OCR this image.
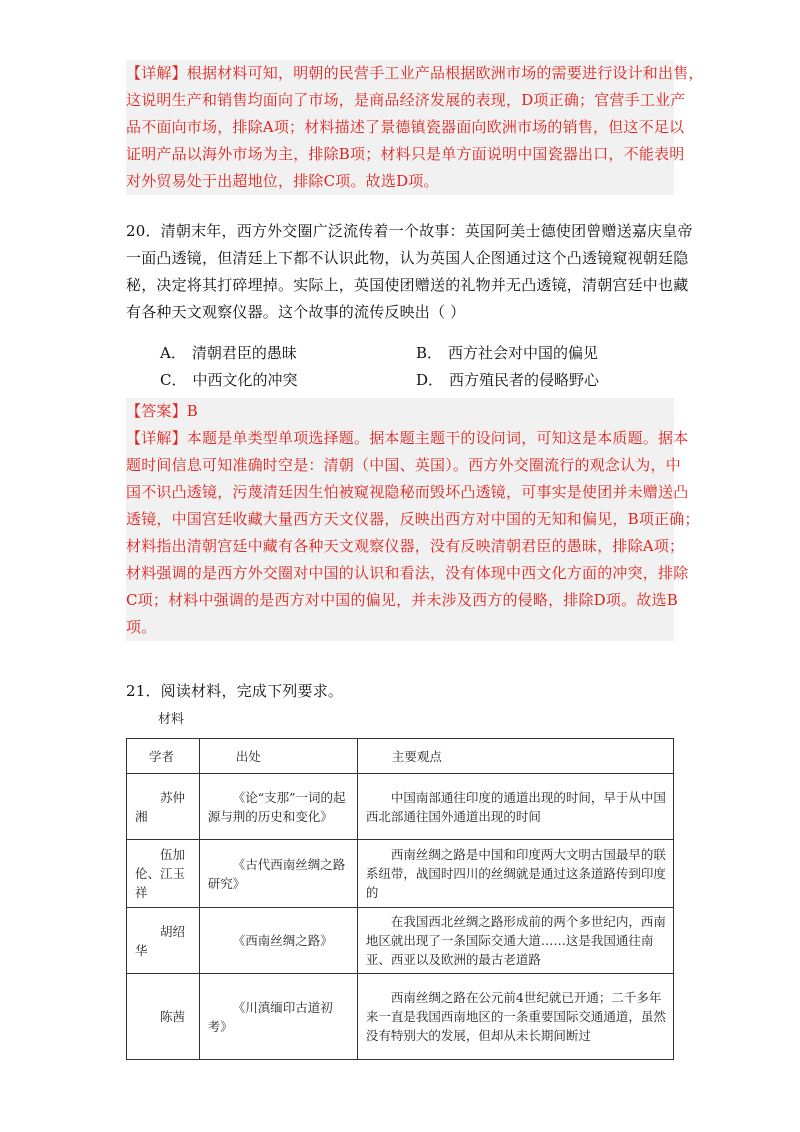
【详解】根据材料可知，明朝的民营手工业产品根据欧洲市场的需要进行设计和出售，
这说明生产和销售均面向了市场，是商品经济发展的表现，D项正确；官营手工业产
品不面向市场，排除A项；材料描述了景德镇瓷器面向欧洲市场的销售，但这不足以
证明产品以海外市场为主，排除B项；材料只是单方面说明中国瓷器出口，不能表明
对外贸易处于出超地位，排除C项。故选D项。
20．清朝末年，西方外交圈广泛流传着一个故事：英国阿美士德使团曾赠送嘉庆皇帝
一面凸透镜，但清廷上下都不认识此物，认为英国人企图通过这个凸透镜窥视朝廷隐
秘，决定将其打碎埋掉。实际上，英国使团赠送的礼物并无凸透镜，清朝宫廷中也藏
有各种天文观察仪器。这个故事的流传反映出（ ）
A． 清朝君臣的愚昧	B． 西方社会对中国的偏见
C． 中西文化的冲突	D． 西方殖民者的侵略野心
【答案】B
【详解】本题是单类型单项选择题。据本题主题干的设问词，可知这是本质题。据本
题时间信息可知准确时空是：清朝（中国、英国）。西方外交圈流行的观念认为，中
国不识凸透镜，污蔑清廷因生怕被窥视隐秘而毁坏凸透镜，可事实是使团并未赠送凸
透镜，中国宫廷收藏大量西方天文仪器，反映出西方对中国的无知和偏见，B项正确；
材料指出清朝宫廷中藏有各种天文观察仪器，没有反映清朝君臣的愚昧，排除A项；
材料强调的是西方外交圈对中国的认识和看法，没有体现中西文化方面的冲突，排除
C项；材料中强调的是西方对中国的偏见，并未涉及西方的侵略，排除D项。故选B
项。
21．阅读材料，完成下列要求。
材料
学者	出处	主要观点

苏仲湘	《论“支那”一词的起源与荆的历史和变化》	中国南部通往印度的通道出现的时间，早于从中国西北部通往国外通道出现的时间

伍加伦、江玉祥	《古代西南丝绸之路研究》	西南丝绸之路是中国和印度两大文明古国最早的联系纽带，战国时四川的丝绸就是通过这条道路传到印度的

胡绍华	《西南丝绸之路》	在我国西北丝绸之路形成前的两个多世纪内，西南地区就出现了一条国际交通大道……这是我国通往南亚、西亚以及欧洲的最古老道路

陈茜	《川滇缅印古道初考》	西南丝绸之路在公元前4世纪就已开通；二千多年来一直是我国西南地区的一条重要国际交通通道，虽然没有特别大的发展，但却从未长期间断过
